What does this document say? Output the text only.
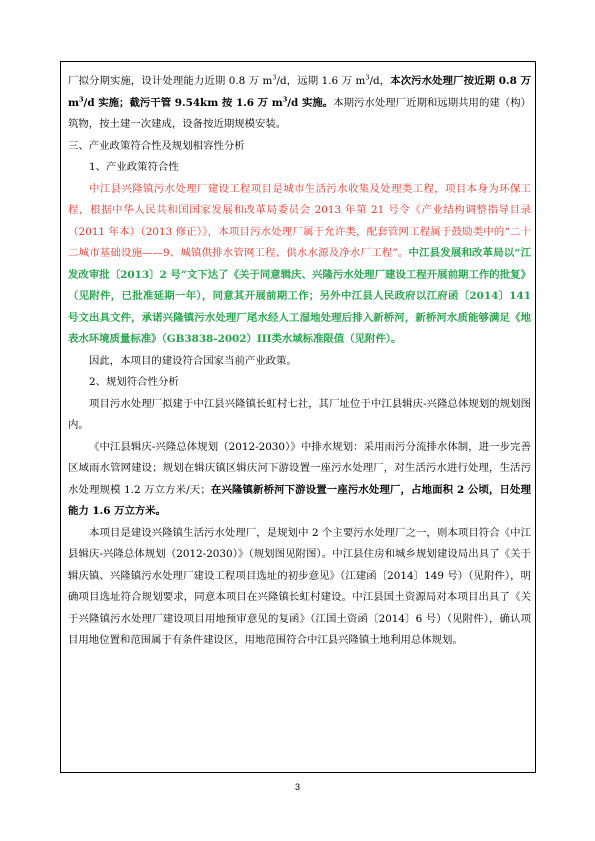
厂拟分期实施，设计处理能力近期 0.8 万 $m^3/d$，远期 1.6 万 $m^3/d$，本次污水处理厂按近期 0.8 万 $m^3/d$ 实施；截污干管 9.54km 按 1.6 万 $m^3/d$ 实施。本期污水处理厂近期和远期共用的建（构）筑物，按土建一次建成，设备按近期规模安装。

三、产业政策符合性及规划相容性分析

1、产业政策符合性

中江县兴隆镇污水处理厂建设工程项目是城市生活污水收集及处理类工程，项目本身为环保工程，根据中华人民共和国国家发展和改革局委员会 2013 年第 21 号令《产业结构调整指导目录（2011 年本）（2013 修正）》，本项目污水处理厂属于允许类，配套管网工程属于鼓励类中的“二十二城市基础设施——9、城镇供排水管网工程、供水水源及净水厂工程”。中江县发展和改革局以“江发改审批〔2013〕2 号”文下达了《关于同意辑庆、兴隆污水处理厂建设工程开展前期工作的批复》（见附件，已批准延期一年），同意其开展前期工作；另外中江县人民政府以江府函〔2014〕141 号文出具文件，承诺兴隆镇污水处理厂尾水经人工湿地处理后排入新桥河，新桥河水质能够满足《地表水环境质量标准》（GB3838-2002）III类水域标准限值（见附件）。

因此，本项目的建设符合国家当前产业政策。

2、规划符合性分析

项目污水处理厂拟建于中江县兴隆镇长虹村七社，其厂址位于中江县辑庆-兴隆总体规划的规划图内。

《中江县辑庆-兴隆总体规划（2012-2030）》中排水规划：采用雨污分流排水体制，进一步完善区域雨水管网建设；规划在辑庆镇区辑庆河下游设置一座污水处理厂，对生活污水进行处理，生活污水处理规模 1.2 万立方米/天；在兴隆镇新桥河下游设置一座污水处理厂，占地面积 2 公顷，日处理能力 1.6 万立方米。

本项目是建设兴隆镇生活污水处理厂，是规划中 2 个主要污水处理厂之一，则本项目符合《中江县辑庆-兴隆总体规划（2012-2030）》（规划图见附图）。中江县住房和城乡规划建设局出具了《关于辑庆镇、兴隆镇污水处理厂建设工程项目选址的初步意见》（江建函〔2014〕149 号）（见附件），明确项目选址符合规划要求，同意本项目在兴隆镇长虹村建设。中江县国土资源局对本项目出具了《关于兴隆镇污水处理厂建设项目用地预审意见的复函》（江国土资函〔2014〕6 号）（见附件），确认项目用地位置和范围属于有条件建设区，用地范围符合中江县兴隆镇土地利用总体规划。

3
